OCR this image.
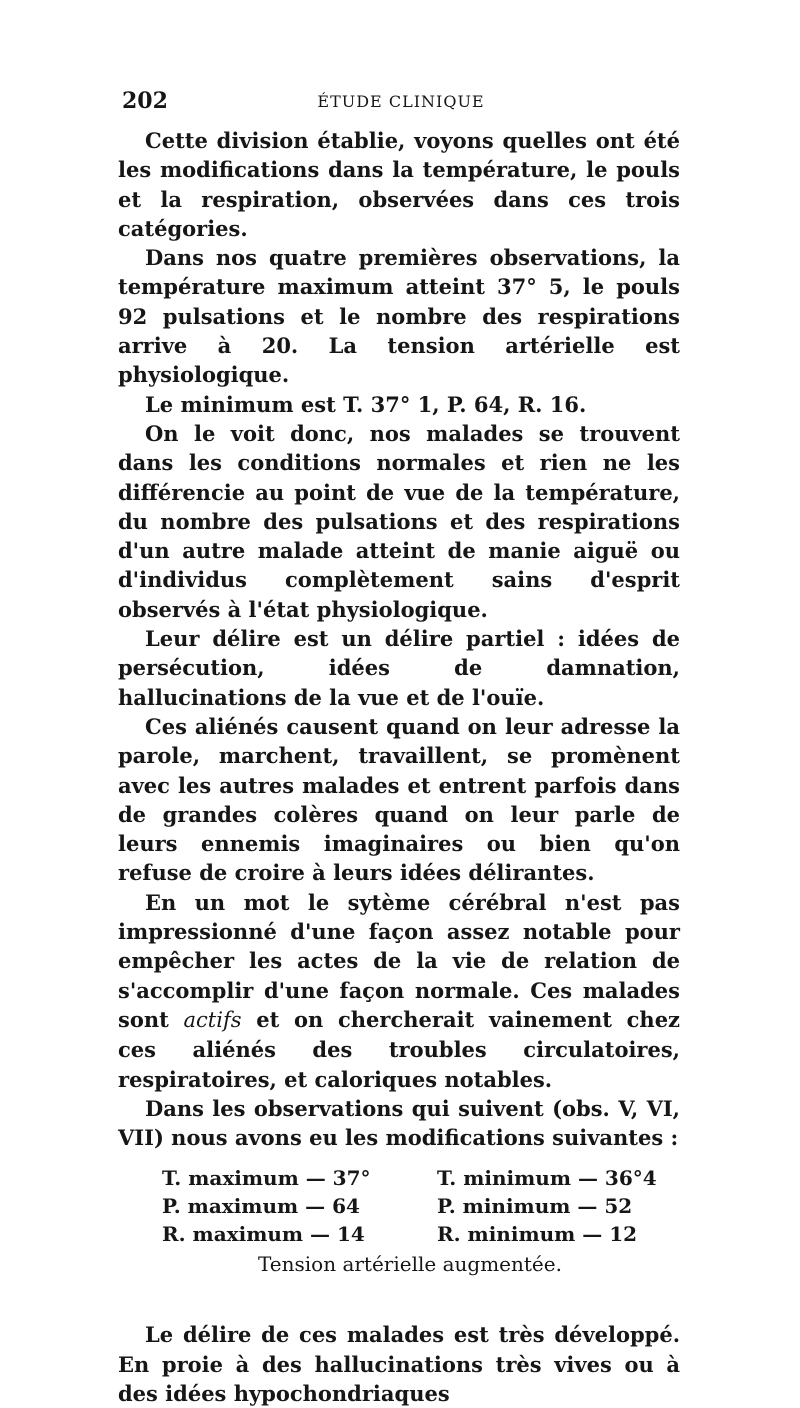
202	ÉTUDE CLINIQUE

Cette division établie, voyons quelles ont été les modifications dans la température, le pouls et la respiration, observées dans ces trois catégories.

Dans nos quatre premières observations, la température maximum atteint 37° 5, le pouls 92 pulsations et le nombre des respirations arrive à 20. La tension artérielle est physiologique.

Le minimum est T. 37° 1, P. 64, R. 16.

On le voit donc, nos malades se trouvent dans les conditions normales et rien ne les différencie au point de vue de la température, du nombre des pulsations et des respirations d'un autre malade atteint de manie aiguë ou d'individus complètement sains d'esprit observés à l'état physiologique.

Leur délire est un délire partiel : idées de persécution, idées de damnation, hallucinations de la vue et de l'ouïe.

Ces aliénés causent quand on leur adresse la parole, marchent, travaillent, se promènent avec les autres malades et entrent parfois dans de grandes colères quand on leur parle de leurs ennemis imaginaires ou bien qu'on refuse de croire à leurs idées délirantes.

En un mot le sytème cérébral n'est pas impressionné d'une façon assez notable pour empêcher les actes de la vie de relation de s'accomplir d'une façon normale. Ces malades sont actifs et on chercherait vainement chez ces aliénés des troubles circulatoires, respiratoires, et caloriques notables.

Dans les observations qui suivent (obs. V, VI, VII) nous avons eu les modifications suivantes :

T. maximum — 37°	T. minimum — 36°4
P. maximum — 64	P. minimum — 52
R. maximum — 14	R. minimum — 12
Tension artérielle augmentée.

Le délire de ces malades est très développé. En proie à des hallucinations très vives ou à des idées hypochondriaques
